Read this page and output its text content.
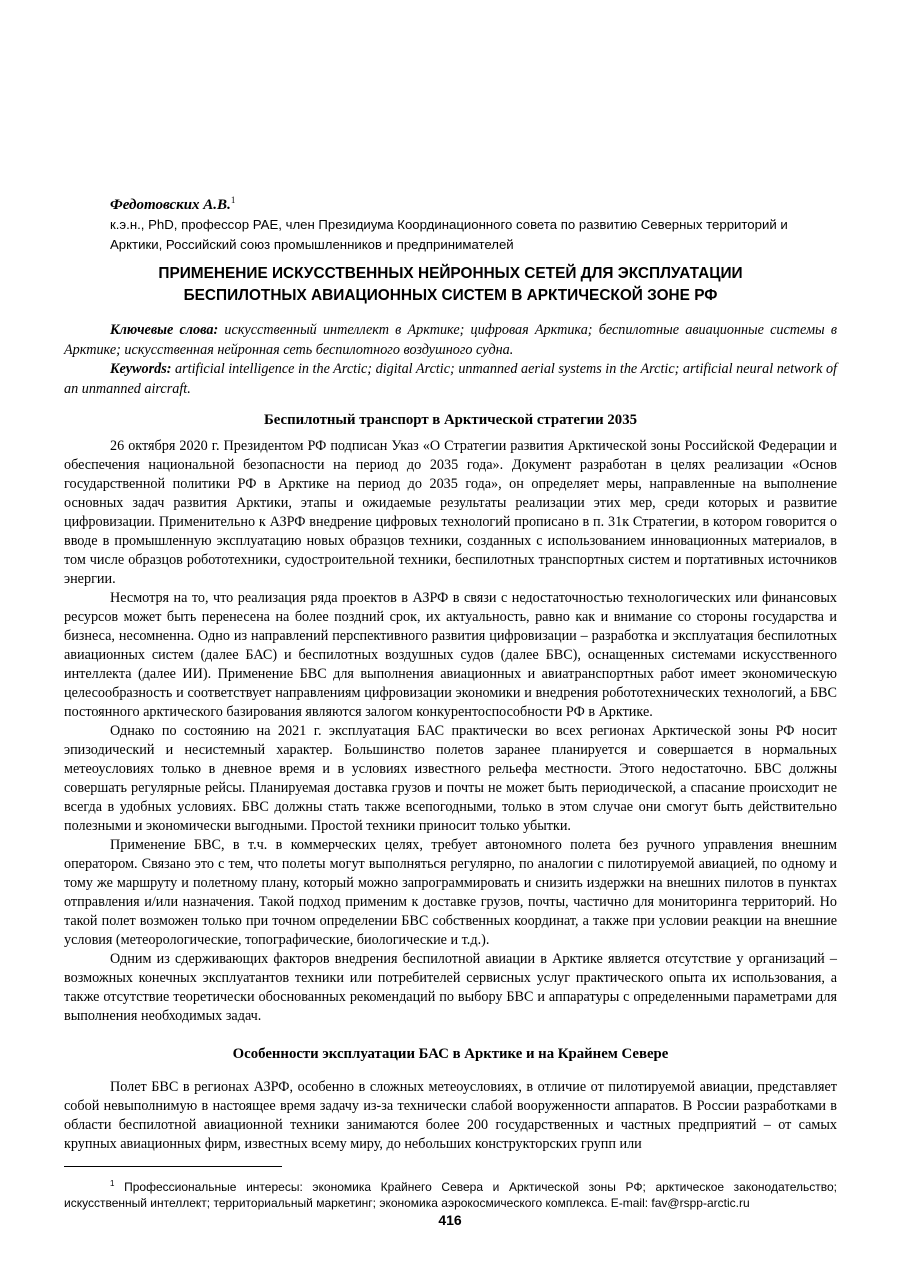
Федотовских А.В.$^1$
к.э.н., PhD, профессор РАЕ, член Президиума Координационного совета по развитию Северных территорий и Арктики, Российский союз промышленников и предпринимателей
ПРИМЕНЕНИЕ ИСКУССТВЕННЫХ НЕЙРОННЫХ СЕТЕЙ ДЛЯ ЭКСПЛУАТАЦИИ
БЕСПИЛОТНЫХ АВИАЦИОННЫХ СИСТЕМ В АРКТИЧЕСКОЙ ЗОНЕ РФ

Ключевые слова: искусственный интеллект в Арктике; цифровая Арктика; беспилотные авиационные системы в Арктике; искусственная нейронная сеть беспилотного воздушного судна.

Keywords: artificial intelligence in the Arctic; digital Arctic; unmanned aerial systems in the Arctic; artificial neural network of an unmanned aircraft.

Беспилотный транспорт в Арктической стратегии 2035

26 октября 2020 г. Президентом РФ подписан Указ «О Стратегии развития Арктической зоны Российской Федерации и обеспечения национальной безопасности на период до 2035 года». Документ разработан в целях реализации «Основ государственной политики РФ в Арктике на период до 2035 года», он определяет меры, направленные на выполнение основных задач развития Арктики, этапы и ожидаемые результаты реализации этих мер, среди которых и развитие цифровизации. Применительно к АЗРФ внедрение цифровых технологий прописано в п. 31к Стратегии, в котором говорится о вводе в промышленную эксплуатацию новых образцов техники, созданных с использованием инновационных материалов, в том числе образцов робототехники, судостроительной техники, беспилотных транспортных систем и портативных источников энергии.

Несмотря на то, что реализация ряда проектов в АЗРФ в связи с недостаточностью технологических или финансовых ресурсов может быть перенесена на более поздний срок, их актуальность, равно как и внимание со стороны государства и бизнеса, несомненна. Одно из направлений перспективного развития цифровизации – разработка и эксплуатация беспилотных авиационных систем (далее БАС) и беспилотных воздушных судов (далее БВС), оснащенных системами искусственного интеллекта (далее ИИ). Применение БВС для выполнения авиационных и авиатранспортных работ имеет экономическую целесообразность и соответствует направлениям цифровизации экономики и внедрения робототехнических технологий, а БВС постоянного арктического базирования являются залогом конкурентоспособности РФ в Арктике.

Однако по состоянию на 2021 г. эксплуатация БАС практически во всех регионах Арктической зоны РФ носит эпизодический и несистемный характер. Большинство полетов заранее планируется и совершается в нормальных метеоусловиях только в дневное время и в условиях известного рельефа местности. Этого недостаточно. БВС должны совершать регулярные рейсы. Планируемая доставка грузов и почты не может быть периодической, а спасание происходит не всегда в удобных условиях. БВС должны стать также всепогодными, только в этом случае они смогут быть действительно полезными и экономически выгодными. Простой техники приносит только убытки.

Применение БВС, в т.ч. в коммерческих целях, требует автономного полета без ручного управления внешним оператором. Связано это с тем, что полеты могут выполняться регулярно, по аналогии с пилотируемой авиацией, по одному и тому же маршруту и полетному плану, который можно запрограммировать и снизить издержки на внешних пилотов в пунктах отправления и/или назначения. Такой подход применим к доставке грузов, почты, частично для мониторинга территорий. Но такой полет возможен только при точном определении БВС собственных координат, а также при условии реакции на внешние условия (метеорологические, топографические, биологические и т.д.).

Одним из сдерживающих факторов внедрения беспилотной авиации в Арктике является отсутствие у организаций – возможных конечных эксплуатантов техники или потребителей сервисных услуг практического опыта их использования, а также отсутствие теоретически обоснованных рекомендаций по выбору БВС и аппаратуры с определенными параметрами для выполнения необходимых задач.

Особенности эксплуатации БАС в Арктике и на Крайнем Севере

Полет БВС в регионах АЗРФ, особенно в сложных метеоусловиях, в отличие от пилотируемой авиации, представляет собой невыполнимую в настоящее время задачу из-за технически слабой вооруженности аппаратов. В России разработками в области беспилотной авиационной техники занимаются более 200 государственных и частных предприятий – от самых крупных авиационных фирм, известных всему миру, до небольших конструкторских групп или

$^1$ Профессиональные интересы: экономика Крайнего Севера и Арктической зоны РФ; арктическое законодательство; искусственный интеллект; территориальный маркетинг; экономика аэрокосмического комплекса. E-mail: fav@rspp-arctic.ru
416
